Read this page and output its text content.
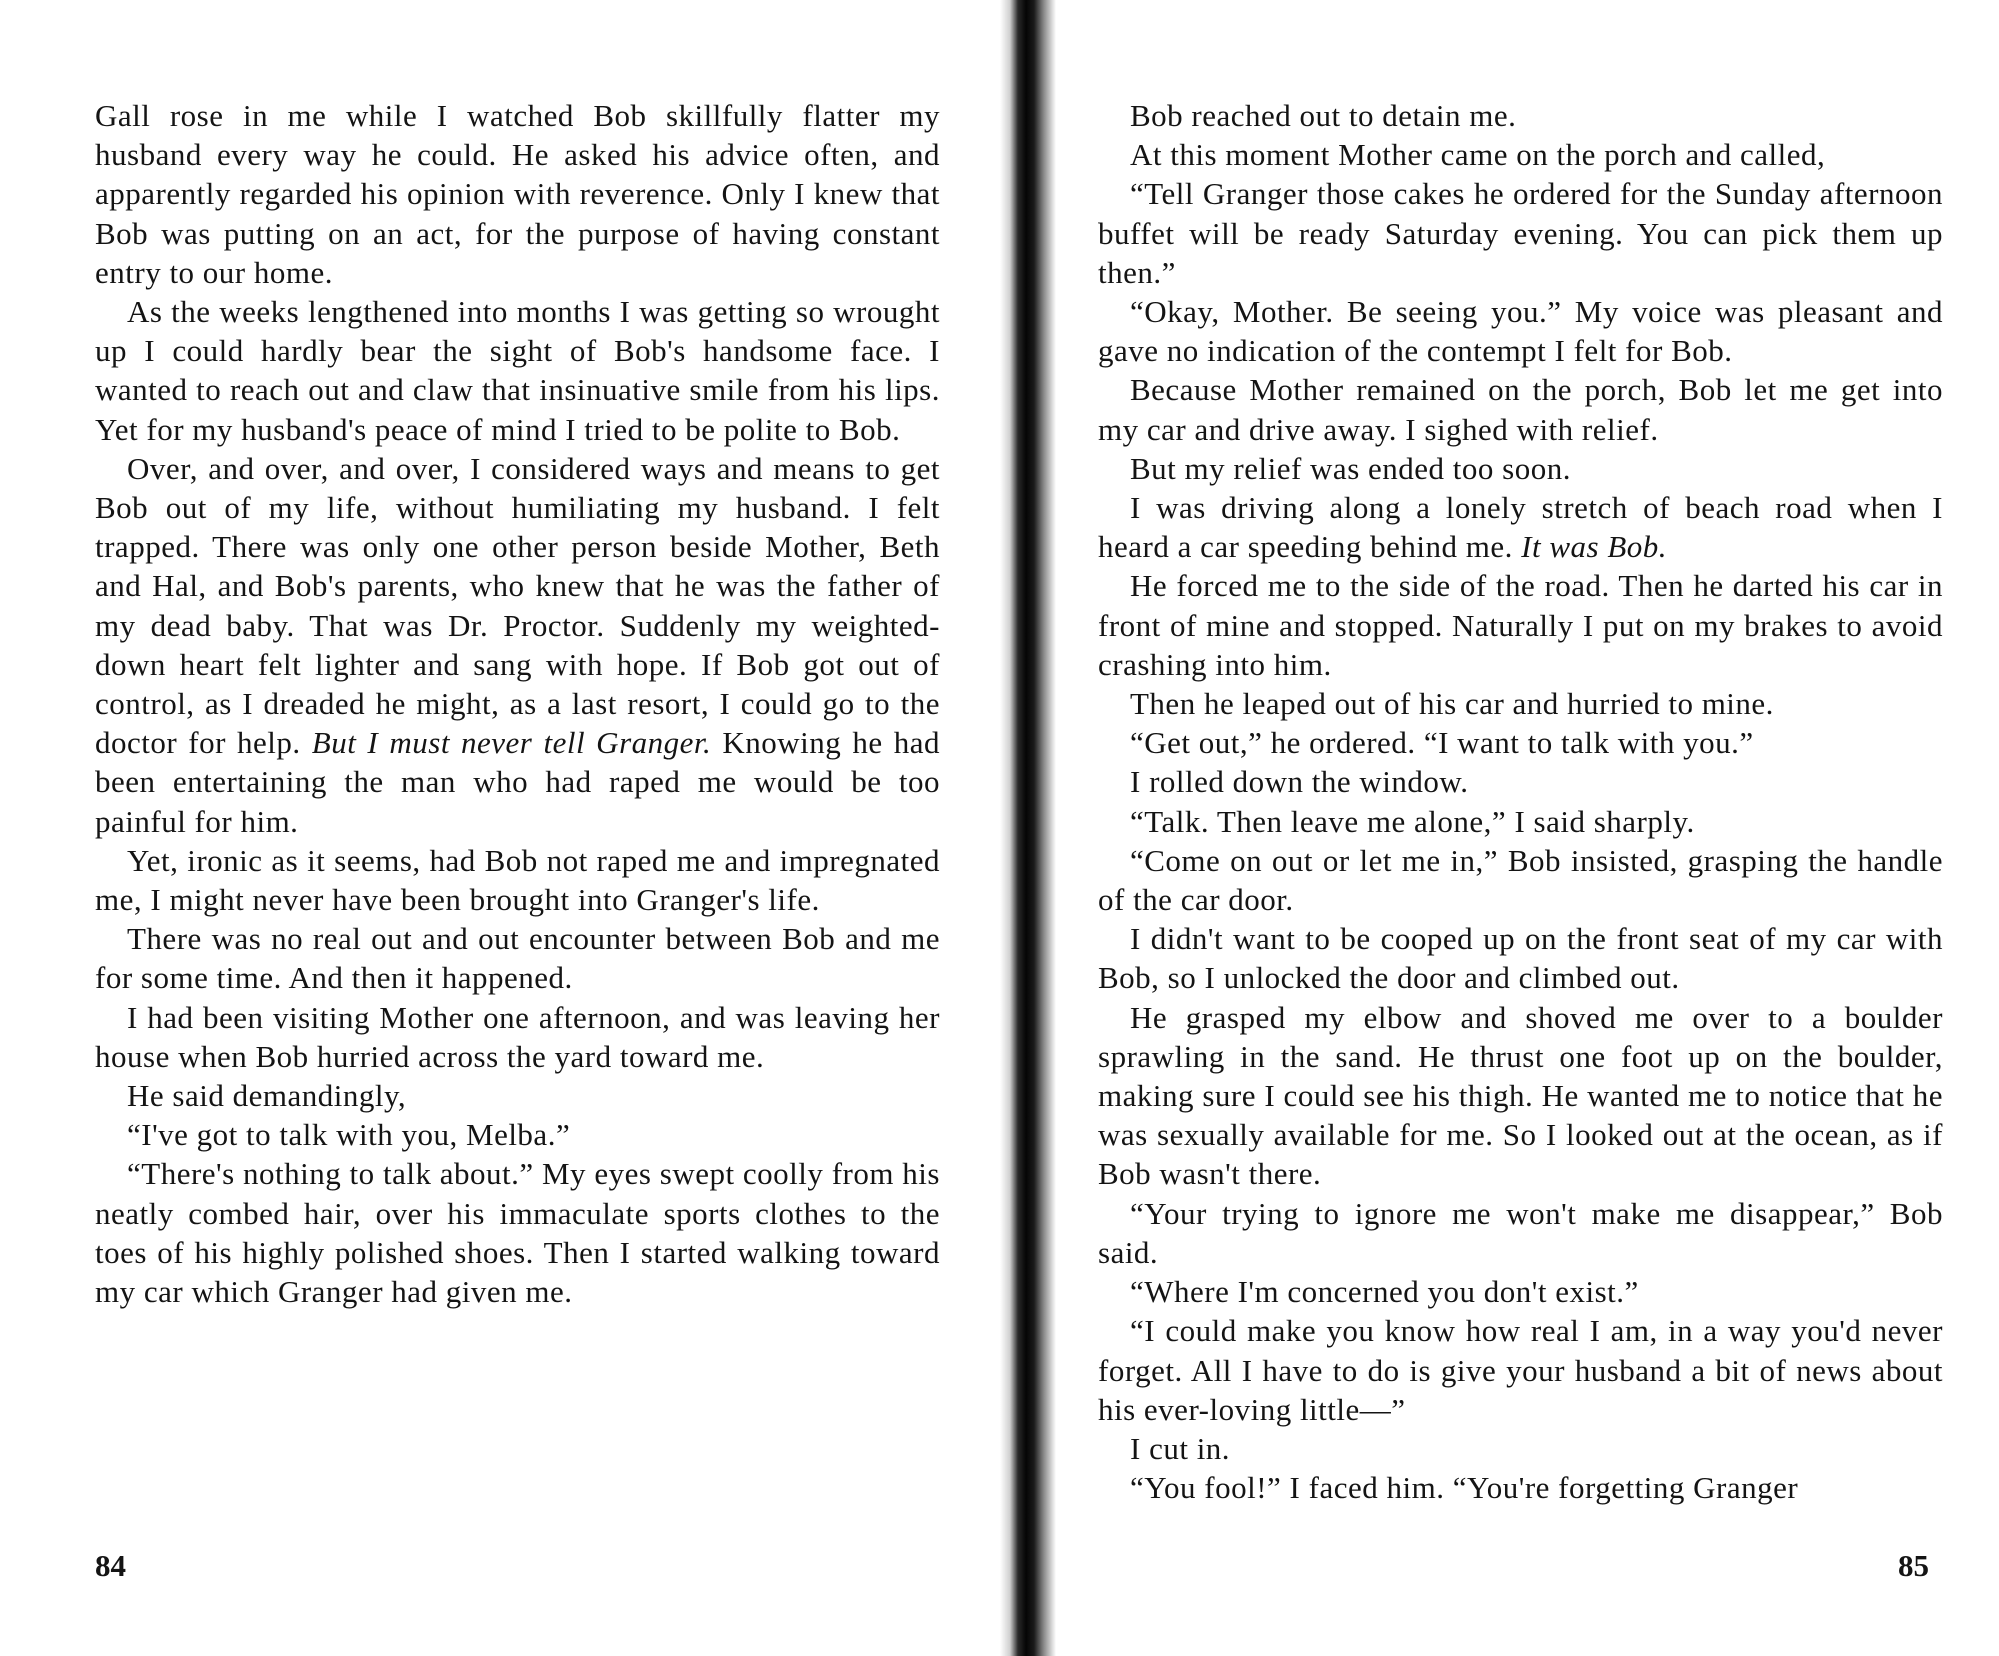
Gall rose in me while I watched Bob skillfully flatter my husband every way he could. He asked his advice often, and apparently regarded his opinion with reverence. Only I knew that Bob was putting on an act, for the purpose of having constant entry to our home.

As the weeks lengthened into months I was getting so wrought up I could hardly bear the sight of Bob's handsome face. I wanted to reach out and claw that insinuative smile from his lips. Yet for my husband's peace of mind I tried to be polite to Bob.

Over, and over, and over, I considered ways and means to get Bob out of my life, without humiliating my husband. I felt trapped. There was only one other person beside Mother, Beth and Hal, and Bob's parents, who knew that he was the father of my dead baby. That was Dr. Proctor. Suddenly my weighted-down heart felt lighter and sang with hope. If Bob got out of control, as I dreaded he might, as a last resort, I could go to the doctor for help. But I must never tell Granger. Knowing he had been entertaining the man who had raped me would be too painful for him.

Yet, ironic as it seems, had Bob not raped me and impregnated me, I might never have been brought into Granger's life.

There was no real out and out encounter between Bob and me for some time. And then it happened.

I had been visiting Mother one afternoon, and was leaving her house when Bob hurried across the yard toward me.

He said demandingly,

“I've got to talk with you, Melba.”

“There's nothing to talk about.” My eyes swept coolly from his neatly combed hair, over his immaculate sports clothes to the toes of his highly polished shoes. Then I started walking toward my car which Granger had given me.

84

Bob reached out to detain me.

At this moment Mother came on the porch and called,

“Tell Granger those cakes he ordered for the Sunday afternoon buffet will be ready Saturday evening. You can pick them up then.”

“Okay, Mother. Be seeing you.” My voice was pleasant and gave no indication of the contempt I felt for Bob.

Because Mother remained on the porch, Bob let me get into my car and drive away. I sighed with relief.

But my relief was ended too soon.

I was driving along a lonely stretch of beach road when I heard a car speeding behind me. It was Bob.

He forced me to the side of the road. Then he darted his car in front of mine and stopped. Naturally I put on my brakes to avoid crashing into him.

Then he leaped out of his car and hurried to mine.

“Get out,” he ordered. “I want to talk with you.”

I rolled down the window.

“Talk. Then leave me alone,” I said sharply.

“Come on out or let me in,” Bob insisted, grasping the handle of the car door.

I didn't want to be cooped up on the front seat of my car with Bob, so I unlocked the door and climbed out.

He grasped my elbow and shoved me over to a boulder sprawling in the sand. He thrust one foot up on the boulder, making sure I could see his thigh. He wanted me to notice that he was sexually available for me. So I looked out at the ocean, as if Bob wasn't there.

“Your trying to ignore me won't make me disappear,” Bob said.

“Where I'm concerned you don't exist.”

“I could make you know how real I am, in a way you'd never forget. All I have to do is give your husband a bit of news about his ever-loving little—”

I cut in.

“You fool!” I faced him. “You're forgetting Granger

85
